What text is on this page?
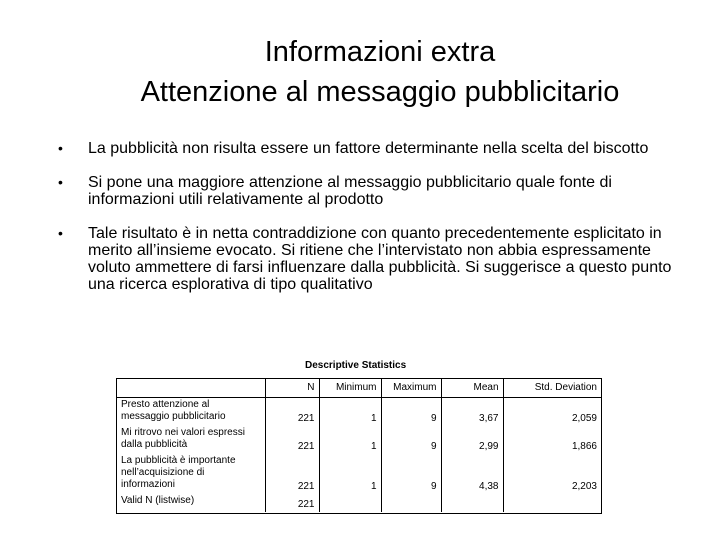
Informazioni extra
Attenzione al messaggio pubblicitario
• La pubblicità non risulta essere un fattore determinante nella scelta del biscotto
• Si pone una maggiore attenzione al messaggio pubblicitario quale fonte di informazioni utili relativamente al prodotto
• Tale risultato è in netta contraddizione con quanto precedentemente esplicitato in merito all’insieme evocato. Si ritiene che l’intervistato non abbia espressamente voluto ammettere di farsi influenzare dalla pubblicità. Si suggerisce a questo punto una ricerca esplorativa di tipo qualitativo
Descriptive Statistics
	N	Minimum	Maximum	Mean	Std. Deviation
Presto attenzione al messaggio pubblicitario	221	1	9	3,67	2,059
Mi ritrovo nei valori espressi dalla pubblicità	221	1	9	2,99	1,866
La pubblicità è importante nell’acquisizione di informazioni	221	1	9	4,38	2,203
Valid N (listwise)	221				
